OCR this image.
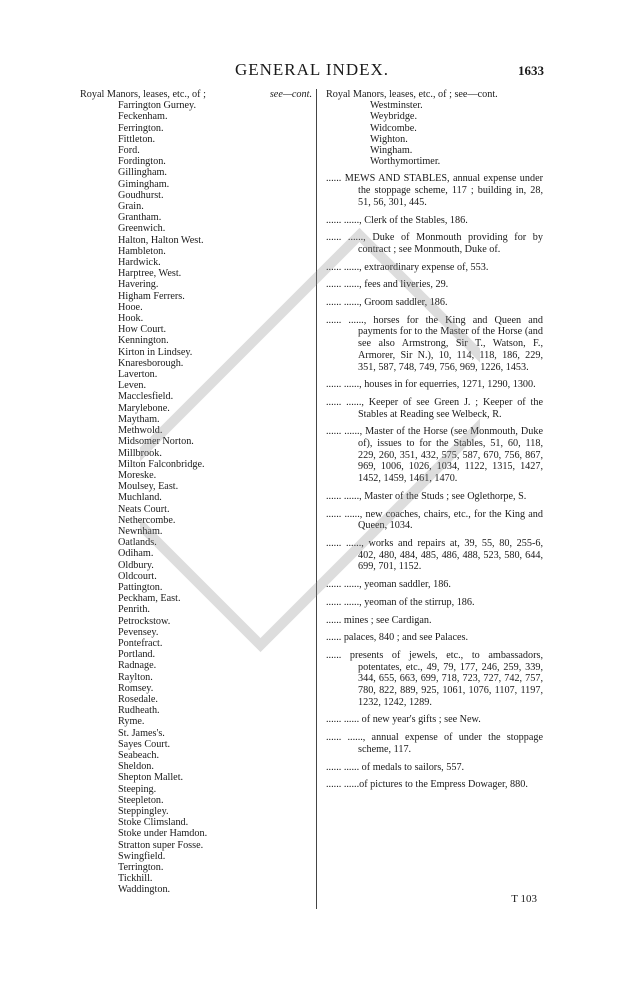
GENERAL INDEX.	1633
Royal Manors, leases, etc., of ;	see—cont.
Farrington Gurney.
Feckenham.
Ferrington.
Fittleton.
Ford.
Fordington.
Gillingham.
Gimingham.
Goudhurst.
Grain.
Grantham.
Greenwich.
Halton, Halton West.
Hambleton.
Hardwick.
Harptree, West.
Havering.
Higham Ferrers.
Hooe.
Hook.
How Court.
Kennington.
Kirton in Lindsey.
Knaresborough.
Laverton.
Leven.
Macclesfield.
Marylebone.
Maytham.
Methwold.
Midsomer Norton.
Millbrook.
Milton Falconbridge.
Moreske.
Moulsey, East.
Muchland.
Neats Court.
Nethercombe.
Newnham.
Oatlands.
Odiham.
Oldbury.
Oldcourt.
Pattington.
Peckham, East.
Penrith.
Petrockstow.
Pevensey.
Pontefract.
Portland.
Radnage.
Raylton.
Romsey.
Rosedale.
Rudheath.
Ryme.
St. James's.
Sayes Court.
Seabeach.
Sheldon.
Shepton Mallet.
Steeping.
Steepleton.
Steppingley.
Stoke Climsland.
Stoke under Hamdon.
Stratton super Fosse.
Swingfield.
Terrington.
Tickhill.
Waddington.
Royal Manors, leases, etc., of ; see—cont.
Westminster.
Weybridge.
Widcombe.
Wighton.
Wingham.
Worthymortimer.
...... MEWS AND STABLES, annual expense under the stoppage scheme, 117 ; building in, 28, 51, 56, 301, 445.
...... ......, Clerk of the Stables, 186.
...... ......, Duke of Monmouth providing for by contract ; see Monmouth, Duke of.
...... ......, extraordinary expense of, 553.
...... ......, fees and liveries, 29.
...... ......, Groom saddler, 186.
...... ......, horses for the King and Queen and payments for to the Master of the Horse (and see also Armstrong, Sir T., Watson, F., Armorer, Sir N.), 10, 114, 118, 186, 229, 351, 587, 748, 749, 756, 969, 1226, 1453.
...... ......, houses in for equerries, 1271, 1290, 1300.
...... ......, Keeper of see Green J. ; Keeper of the Stables at Reading see Welbeck, R.
...... ......, Master of the Horse (see Monmouth, Duke of), issues to for the Stables, 51, 60, 118, 229, 260, 351, 432, 575, 587, 670, 756, 867, 969, 1006, 1026, 1034, 1122, 1315, 1427, 1452, 1459, 1461, 1470.
...... ......, Master of the Studs ; see Oglethorpe, S.
...... ......, new coaches, chairs, etc., for the King and Queen, 1034.
...... ......, works and repairs at, 39, 55, 80, 255-6, 402, 480, 484, 485, 486, 488, 523, 580, 644, 699, 701, 1152.
...... ......, yeoman saddler, 186.
...... ......, yeoman of the stirrup, 186.
...... mines ; see Cardigan.
...... palaces, 840 ; and see Palaces.
...... presents of jewels, etc., to ambassadors, potentates, etc., 49, 79, 177, 246, 259, 339, 344, 655, 663, 699, 718, 723, 727, 742, 757, 780, 822, 889, 925, 1061, 1076, 1107, 1197, 1232, 1242, 1289.
...... ...... of new year's gifts ; see New.
...... ......, annual expense of under the stoppage scheme, 117.
...... ...... of medals to sailors, 557.
...... ......of pictures to the Empress Dowager, 880.
T 103
